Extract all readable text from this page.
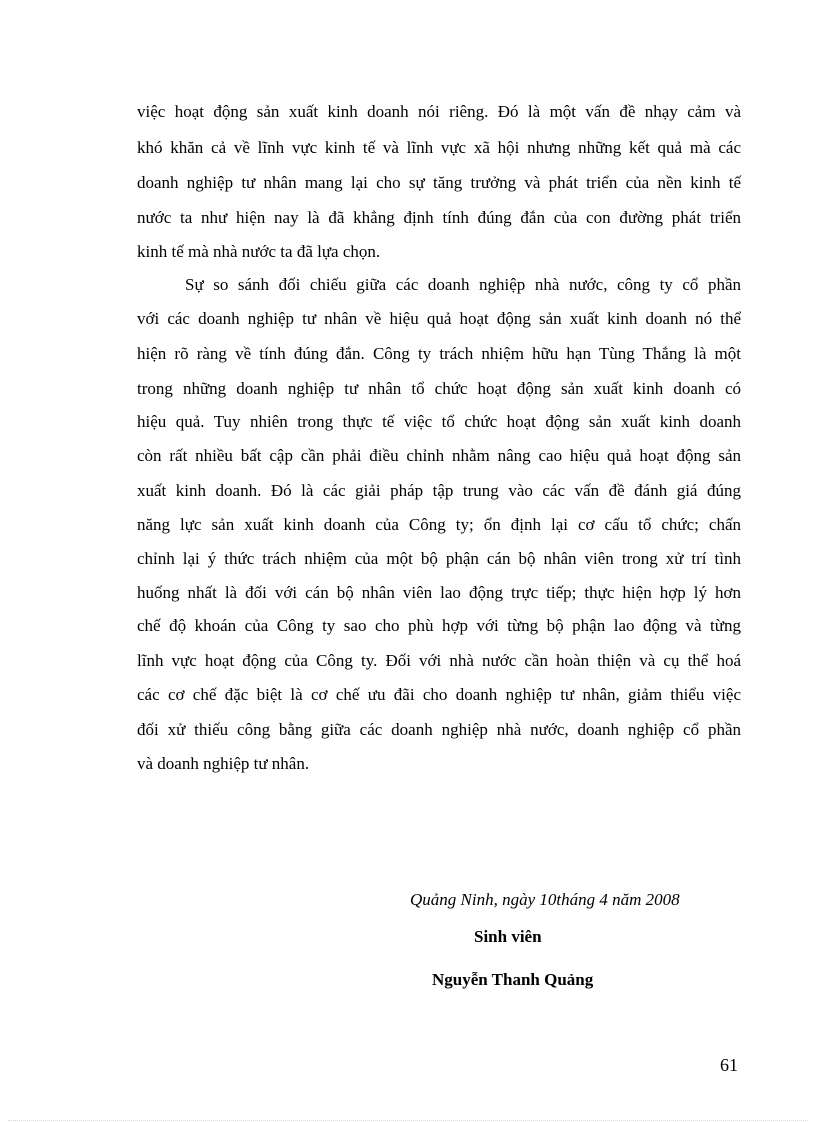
việc hoạt động sản xuất kinh doanh nói riêng. Đó là một vấn đề nhạy cảm và
khó khăn cả về lĩnh vực kinh tế và lĩnh vực xã hội nhưng những kết quả mà các
doanh nghiệp tư nhân mang lại cho sự tăng trưởng và phát triển của nền kinh tế
nước ta như hiện nay là đã khẳng định tính đúng đắn của con đường phát triển
kinh tế mà nhà nước ta đã lựa chọn.
Sự so sánh đối chiếu giữa các doanh nghiệp nhà nước, công ty cổ phần
với các doanh nghiệp tư nhân về hiệu quả hoạt động sản xuất kinh doanh nó thể
hiện rõ ràng về tính đúng đắn. Công ty trách nhiệm hữu hạn Tùng Thắng là một
trong những doanh nghiệp tư nhân tổ chức hoạt động sản xuất kinh doanh có
hiệu quả. Tuy nhiên trong thực tế việc tổ chức hoạt động sản xuất kinh doanh
còn rất nhiều bất cập cần phải điều chỉnh nhằm nâng cao hiệu quả hoạt động sản
xuất kinh doanh. Đó là các giải pháp tập trung vào các vấn đề đánh giá đúng
năng lực sản xuất kinh doanh của Công ty; ổn định lại cơ cấu tổ chức; chấn
chỉnh lại ý thức trách nhiệm của một bộ phận cán bộ nhân viên trong xử trí tình
huống nhất là đối với cán bộ nhân viên lao động trực tiếp; thực hiện hợp lý hơn
chế độ khoán của Công ty sao cho phù hợp với từng bộ phận lao động và từng
lĩnh vực hoạt động của Công ty. Đối với nhà nước cần hoàn thiện và cụ thể hoá
các cơ chế đặc biệt là cơ chế ưu đãi cho doanh nghiệp tư nhân, giảm thiểu việc
đối xử thiếu công bằng giữa các doanh nghiệp nhà nước, doanh nghiệp cổ phần
và doanh nghiệp tư nhân.
Quảng Ninh, ngày 10tháng 4 năm 2008
Sinh viên
Nguyễn Thanh Quảng
61
